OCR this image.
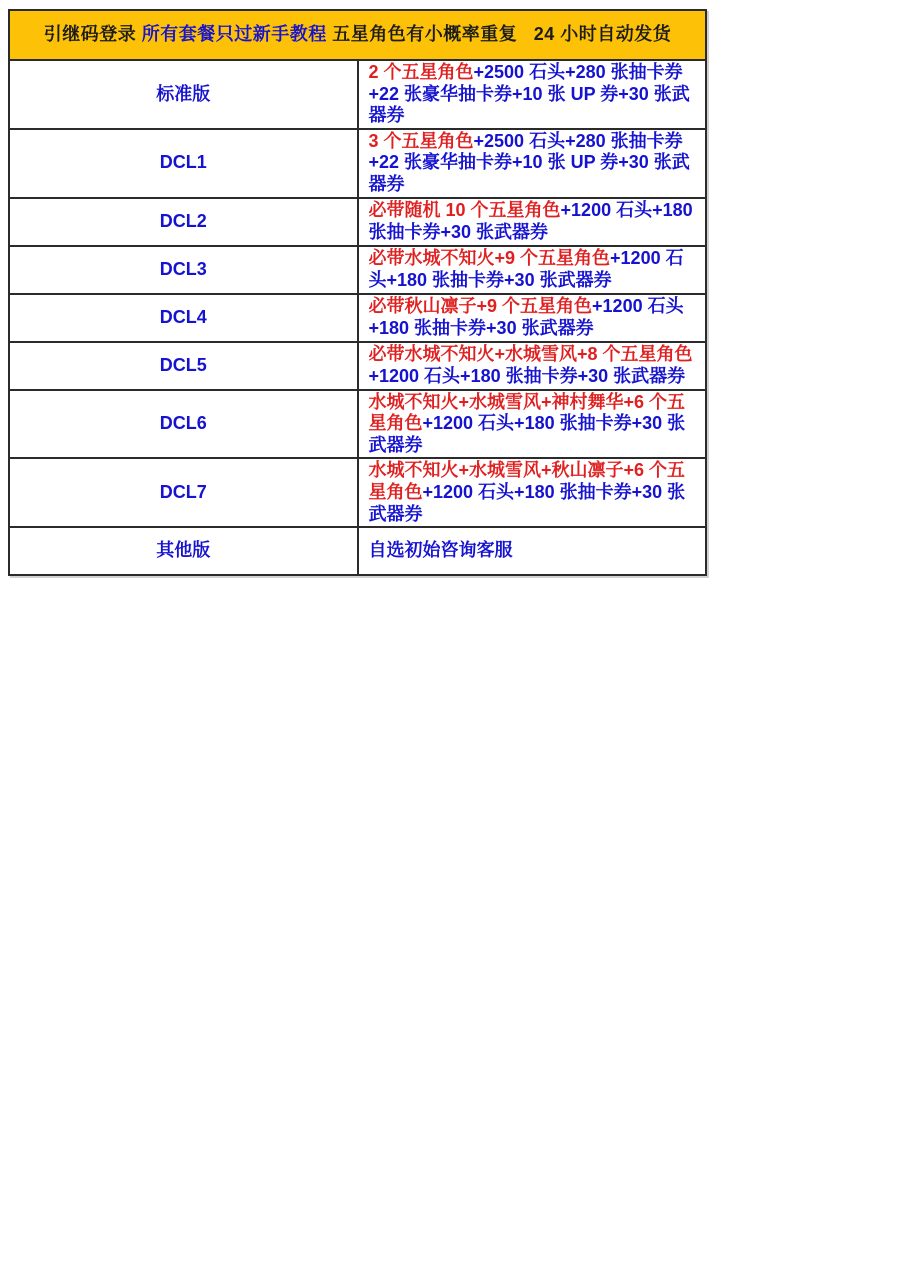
引继码登录 所有套餐只过新手教程 五星角色有小概率重复   24 小时自动发货	
标准版	2 个五星角色+2500 石头+280 张抽卡券+22 张豪华抽卡券+10 张 UP 券+30 张武器券
DCL1	3 个五星角色+2500 石头+280 张抽卡券+22 张豪华抽卡券+10 张 UP 券+30 张武器券
DCL2	必带随机 10 个五星角色+1200 石头+180 张抽卡券+30 张武器券
DCL3	必带水城不知火+9 个五星角色+1200 石头+180 张抽卡券+30 张武器券
DCL4	必带秋山凛子+9 个五星角色+1200 石头+180 张抽卡券+30 张武器券
DCL5	必带水城不知火+水城雪风+8 个五星角色+1200 石头+180 张抽卡券+30 张武器券
DCL6	水城不知火+水城雪风+神村舞华+6 个五星角色+1200 石头+180 张抽卡券+30 张武器券
DCL7	水城不知火+水城雪风+秋山凛子+6 个五星角色+1200 石头+180 张抽卡券+30 张武器券
其他版	自选初始咨询客服
